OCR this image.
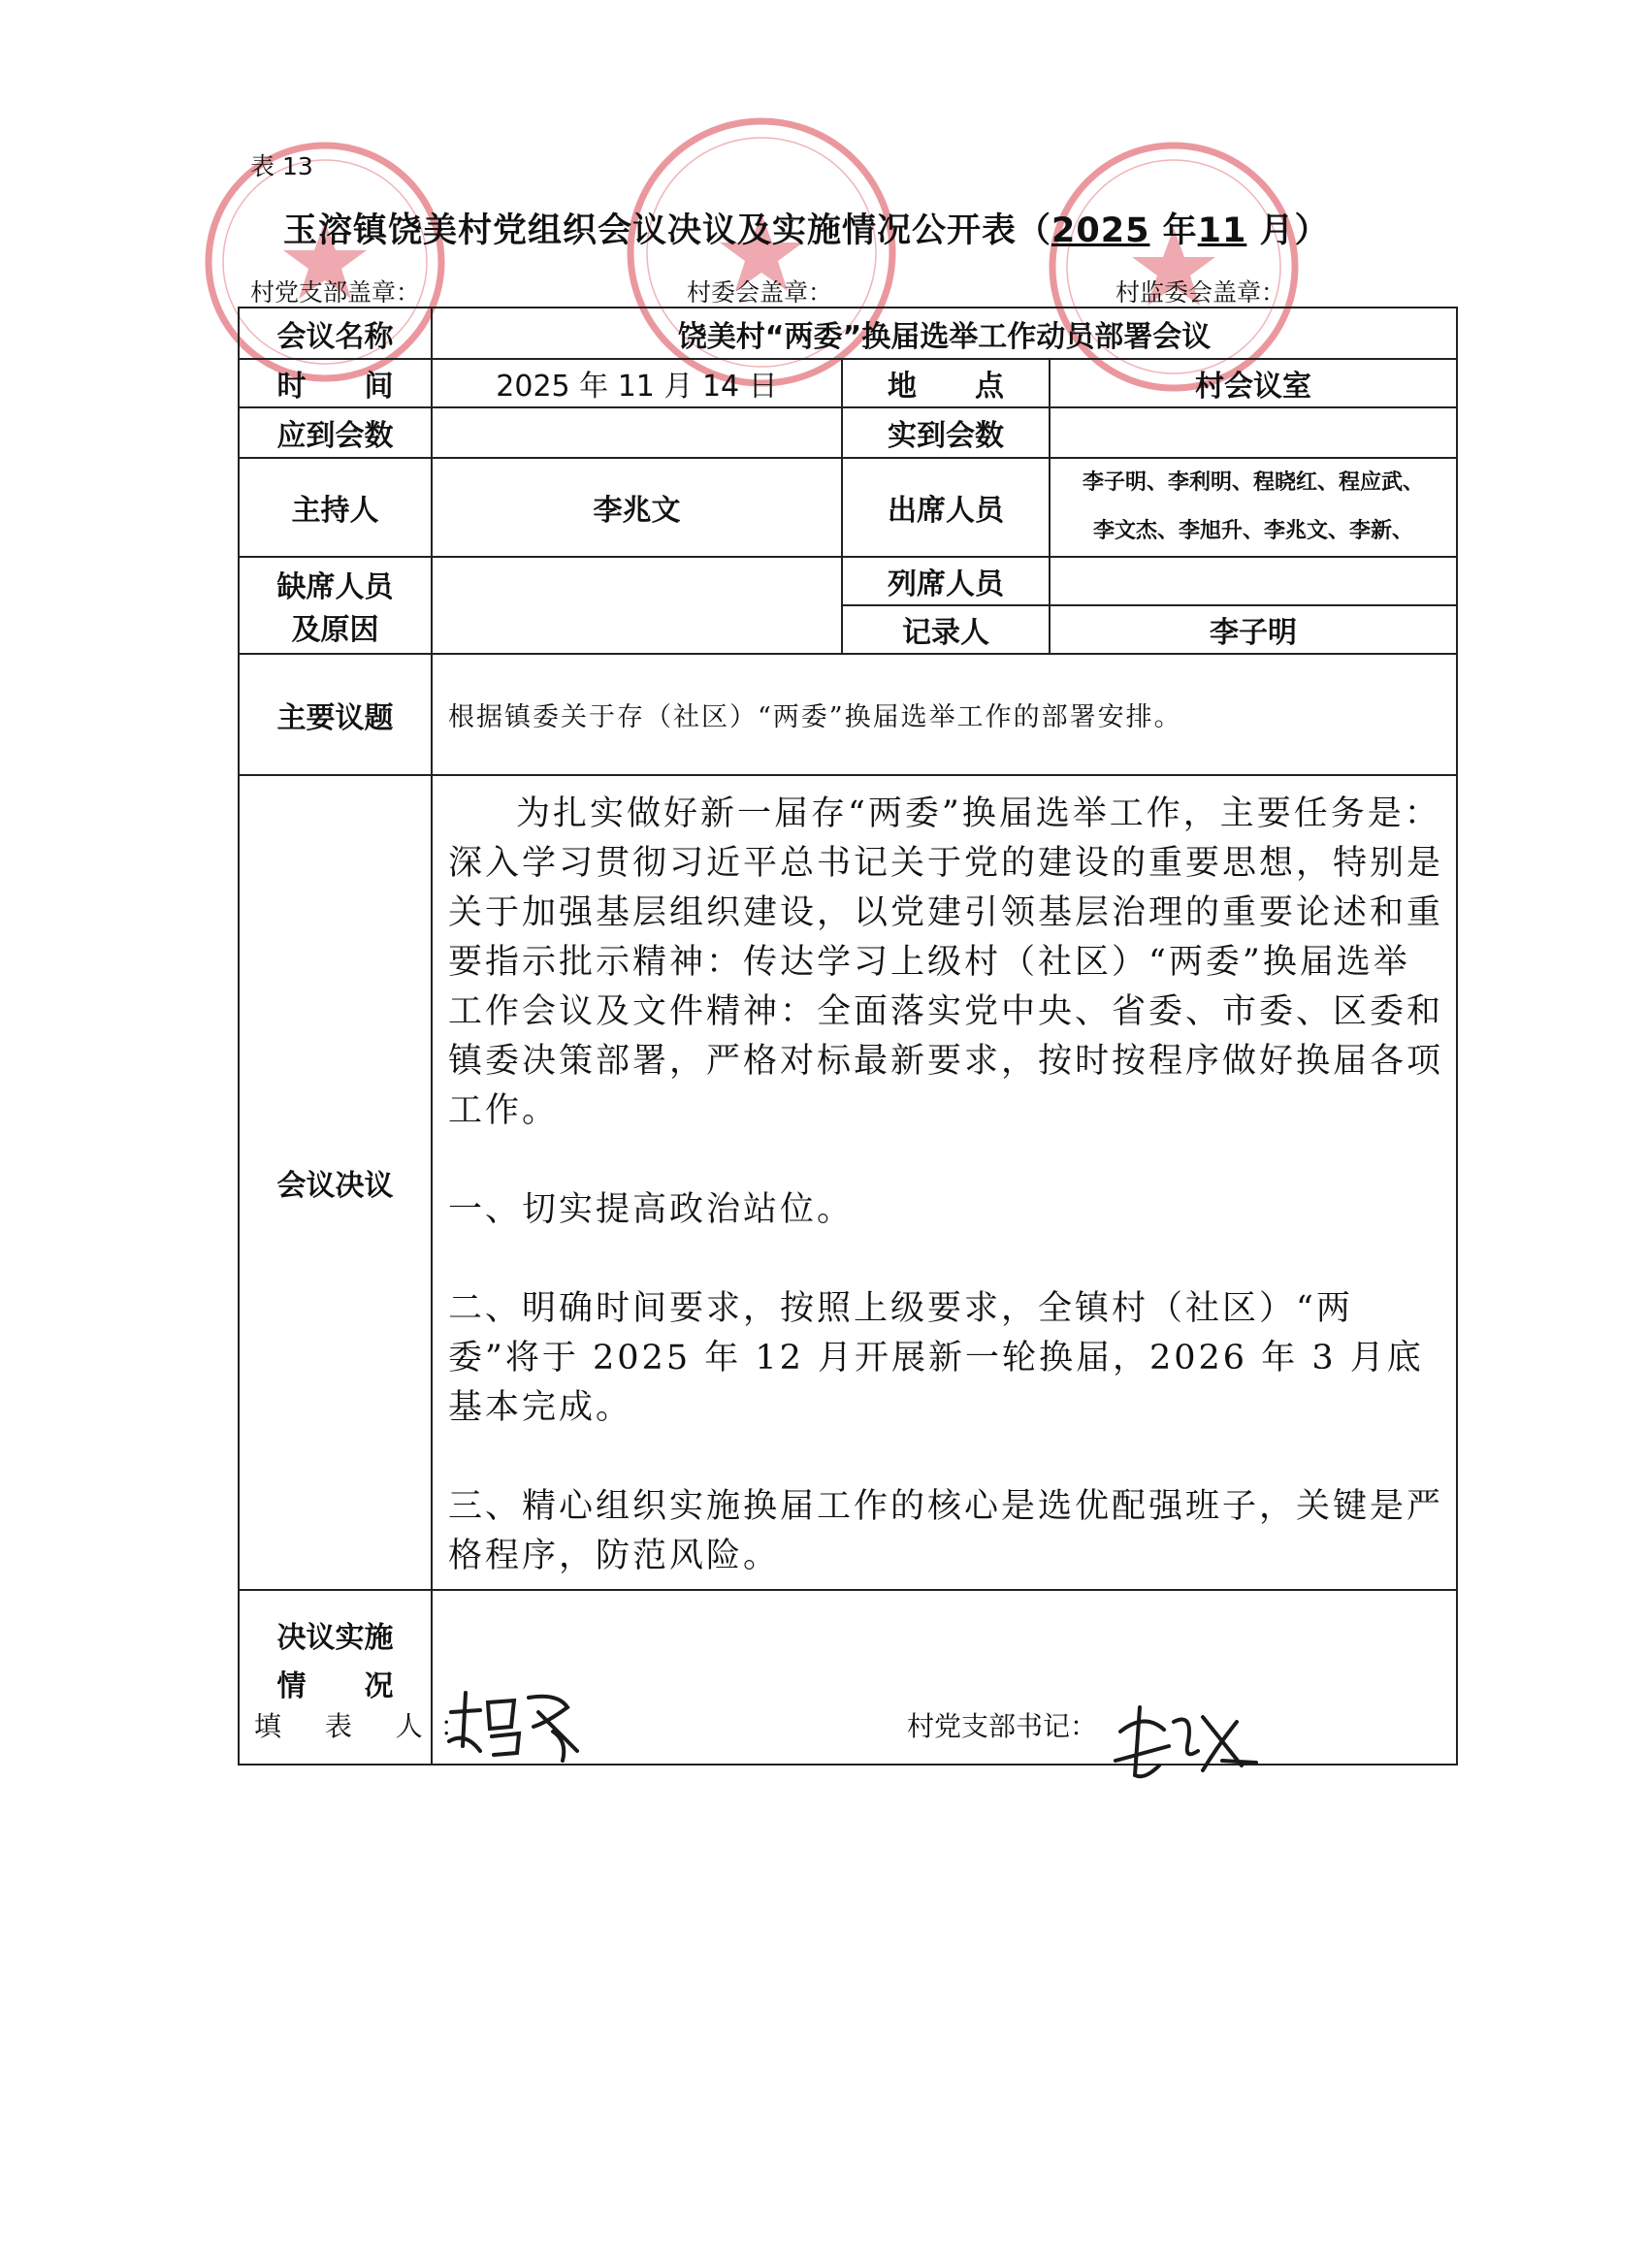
表 13
玉溶镇饶美村党组织会议决议及实施情况公开表（2025 年11 月）
村党支部盖章：	村委会盖章：	村监委会盖章：
会议名称	饶美村“两委”换届选举工作动员部署会议		
时　　间	2025 年 11 月 14 日	地　　点	村会议室
应到会数		实到会数	
主持人	李兆文	出席人员	李子明、李利明、程晓红、程应武、
李文杰、李旭升、李兆文、李新、

缺席人员
及原因		列席人员	
		记录人	李子明
主要议题	根据镇委关于存（社区）“两委”换届选举工作的部署安排。		
会议决议	为扎实做好新一届存“两委”换届选举工作，主要任务是：深入学习贯彻习近平总书记关于党的建设的重要思想，特别是关于加强基层组织建设，以党建引领基层治理的重要论述和重要指示批示精神：传达学习上级村（社区）“两委”换届选举工作会议及文件精神：全面落实党中央、省委、市委、区委和镇委决策部署，严格对标最新要求，按时按程序做好换届各项工作。

一、切实提高政治站位。

二、明确时间要求，按照上级要求，全镇村（社区）“两委”将于 2025 年 12 月开展新一轮换届，2026 年 3 月底基本完成。

三、精心组织实施换届工作的核心是选优配强班子，关键是严格程序，防范风险。		

决议实施
情　　况			

填 表 人：	村党支部书记：
